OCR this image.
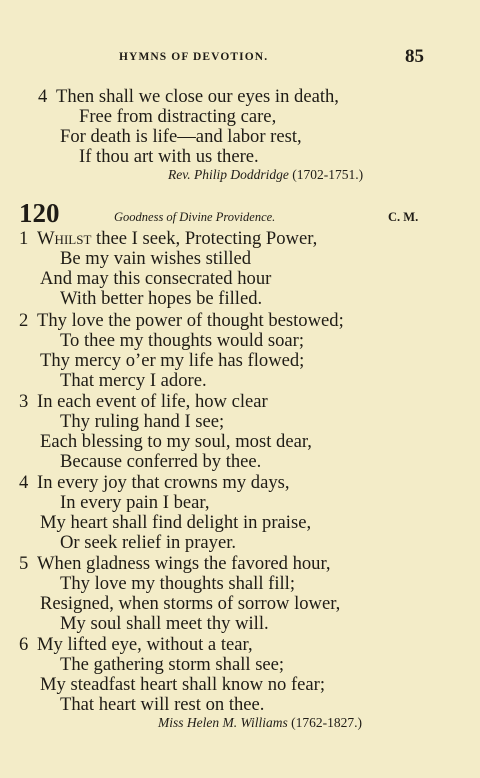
HYMNS OF DEVOTION.	85
4 Then shall we close our eyes in death,
Free from distracting care,
For death is life—and labor rest,
If thou art with us there.
Rev. Philip Doddridge (1702-1751.)
120	Goodness of Divine Providence.	C. M.
1 Whilst thee I seek, Protecting Power,
Be my vain wishes stilled
And may this consecrated hour
With better hopes be filled.
2 Thy love the power of thought bestowed;
To thee my thoughts would soar;
Thy mercy o’er my life has flowed;
That mercy I adore.
3 In each event of life, how clear
Thy ruling hand I see;
Each blessing to my soul, most dear,
Because conferred by thee.
4 In every joy that crowns my days,
In every pain I bear,
My heart shall find delight in praise,
Or seek relief in prayer.
5 When gladness wings the favored hour,
Thy love my thoughts shall fill;
Resigned, when storms of sorrow lower,
My soul shall meet thy will.
6 My lifted eye, without a tear,
The gathering storm shall see;
My steadfast heart shall know no fear;
That heart will rest on thee.
Miss Helen M. Williams (1762-1827.)
